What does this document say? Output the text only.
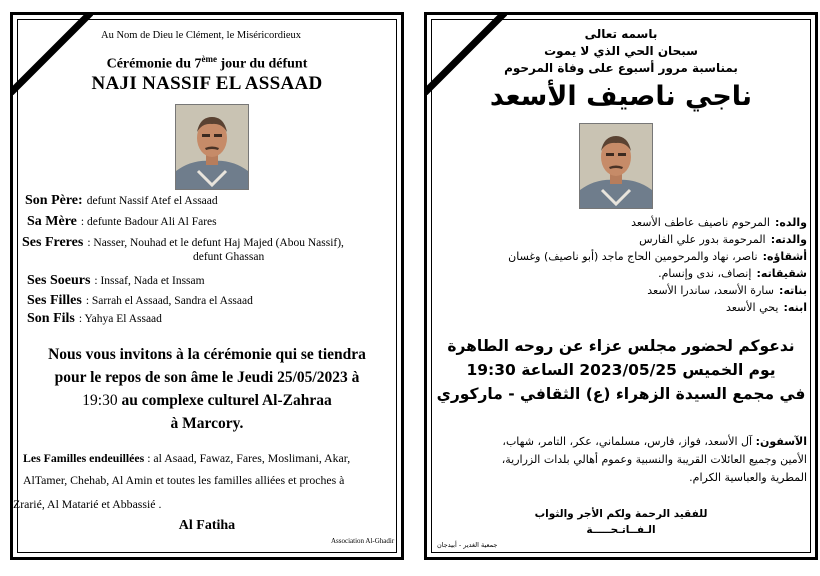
Au Nom de Dieu le Clément, le Miséricordieux
Cérémonie du 7ème jour du défunt
NAJI NASSIF EL ASSAAD
Son Père: defunt Nassif Atef el Assaad
Sa Mère : defunte Badour Ali Al Fares
Ses Freres : Nasser, Nouhad et le defunt Haj Majed (Abou Nassif),
defunt Ghassan
Ses Soeurs : Inssaf, Nada et Inssam
Ses Filles : Sarrah el Assaad, Sandra el Assaad
Son Fils : Yahya El Assaad
Nous vous invitons à la cérémonie qui se tiendra
pour le repos de son âme le Jeudi 25/05/2023 à
19:30 au complexe culturel Al-Zahraa
à Marcory.
Les Familles endeuillées : al Asaad, Fawaz, Fares, Moslimani, Akar,
AlTamer, Chehab, Al Amin et toutes les familles alliées et proches à
Zrarié, Al Matarié et Abbassié .
Al Fatiha
Association Al-Ghadir
باسمه تعالى
سبحان الحي الذي لا يموت
بمناسبة مرور أسبوع على وفاة المرحوم
ناجي ناصيف الأسعد
والده: المرحوم ناصيف عاطف الأسعد
والدته: المرحومة بدور علي الفارس
أشقاؤه: ناصر، نهاد والمرحومين الحاج ماجد (أبو ناصيف) وغسان
شقيقاته: إنصاف، ندى وإنسام.
بناته: سارة الأسعد، ساندرا الأسعد
ابنه: يحي الأسعد
ندعوكم لحضور مجلس عزاء عن روحه الطاهرة
يوم الخميس 2023/05/25 الساعة 19:30
في مجمع السيدة الزهراء (ع) الثقافي - ماركوري
الآسفون: آل الأسعد، فواز، فارس، مسلماني، عكر، التامر، شهاب،
الأمين وجميع العائلات القريبة والنسبية وعموم أهالي بلدات الزرارية،
المطرية والعباسية الكرام.
للفقيد الرحمة ولكم الأجر والثواب
الـفــاتـحـــــة
جمعية الغدير - أبيدجان
